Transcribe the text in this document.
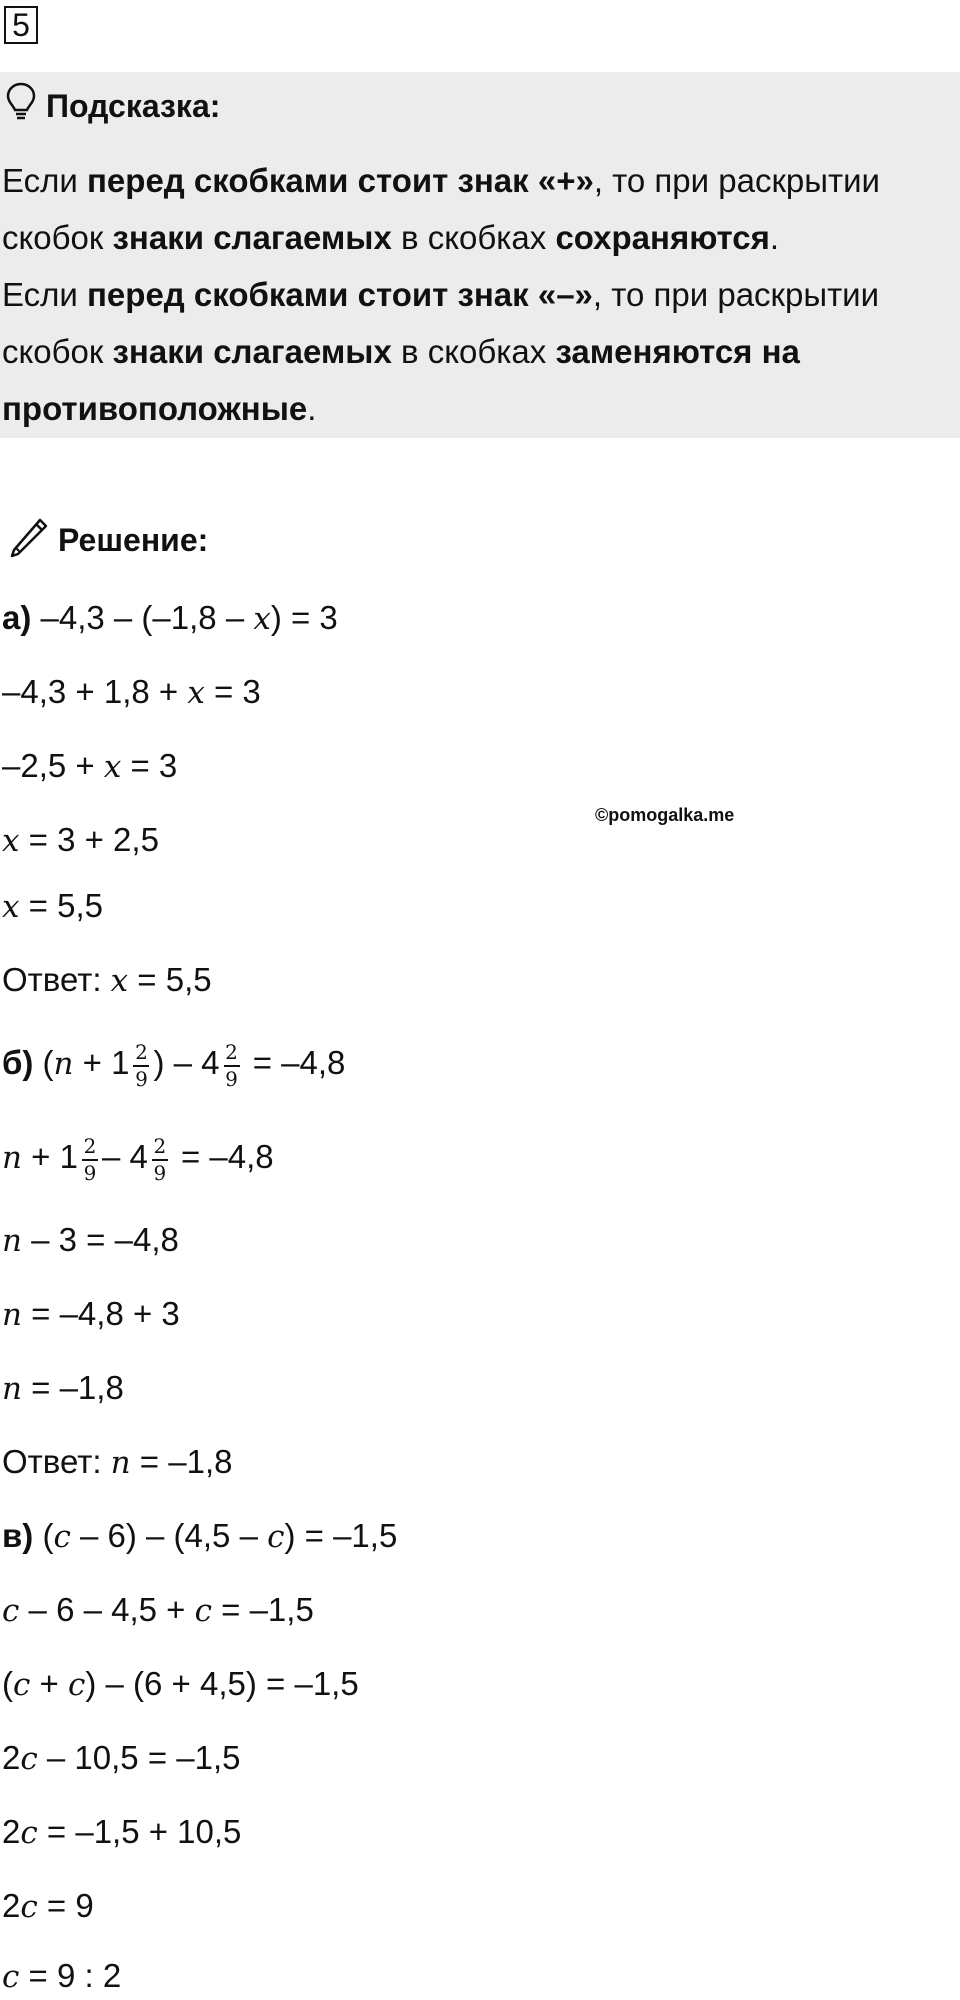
5
Подсказка:
Если перед скобками стоит знак «+», то при раскрытии
скобок знаки слагаемых в скобках сохраняются.
Если перед скобками стоит знак «–», то при раскрытии
скобок знаки слагаемых в скобках заменяются на
противоположные.
Решение:
а) –4,3 – (–1,8 – x) = 3
–4,3 + 1,8 + x = 3
–2,5 + x = 3
x = 3 + 2,5
x = 5,5
Ответ: x = 5,5
©pomogalka.me
б) ($n + 1 \frac{2}{9}$ ) – $4 \frac{2}{9} = -4,8$
$n + 1 \frac{2}{9} - 4 \frac{2}{9} = -4,8$
n – 3 = –4,8
n = –4,8 + 3
n = –1,8
Ответ: n = –1,8
в) (c – 6) – (4,5 – c) = –1,5
c – 6 – 4,5 + c = –1,5
(c + c) – (6 + 4,5) = –1,5
2c – 10,5 = –1,5
2c = –1,5 + 10,5
2c = 9
c = 9 : 2
